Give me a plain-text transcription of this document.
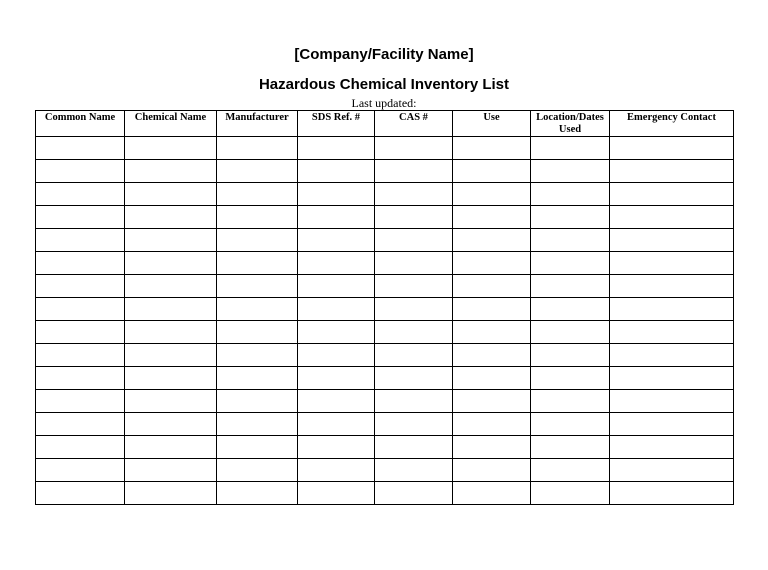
[Company/Facility Name]
Hazardous Chemical Inventory List
Last updated:
Common Name	Chemical Name	Manufacturer	SDS Ref. #	CAS #	Use	Location/Dates Used	Emergency Contact
